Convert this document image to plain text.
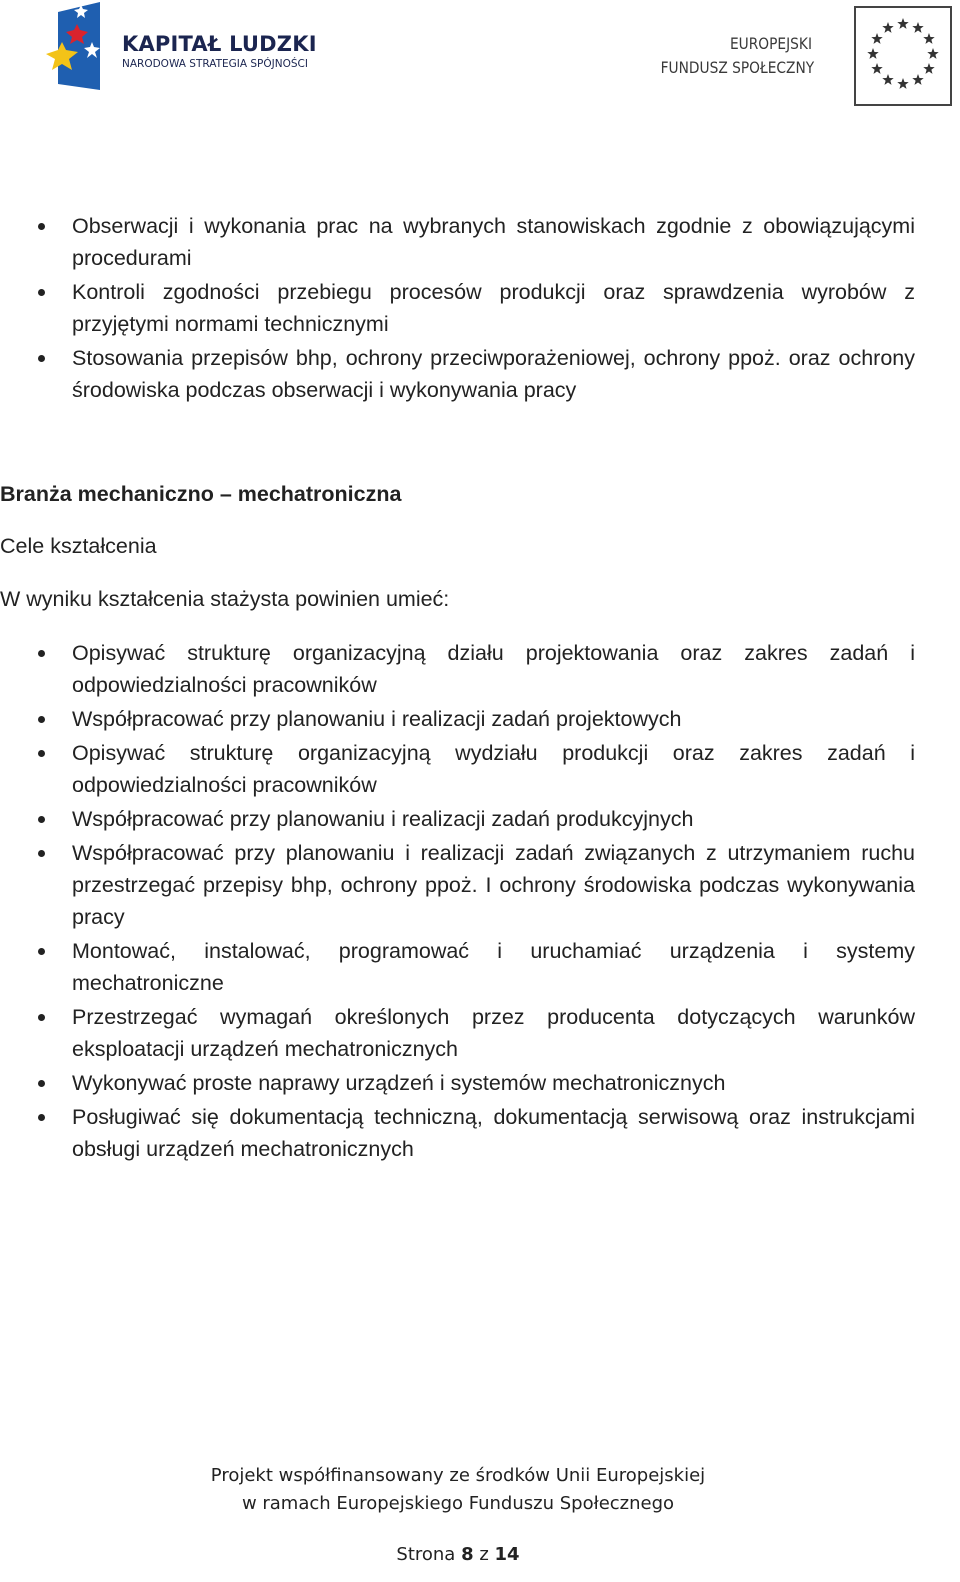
KAPITAŁ LUDZKI
NARODOWA STRATEGIA SPÓJNOŚCI
EUROPEJSKI
FUNDUSZ SPOŁECZNY
Obserwacji i wykonania prac na wybranych stanowiskach zgodnie z obowiązującymi procedurami
Kontroli zgodności przebiegu procesów produkcji oraz sprawdzenia wyrobów z przyjętymi normami technicznymi
Stosowania przepisów bhp, ochrony przeciwporażeniowej, ochrony ppoż. oraz ochrony środowiska podczas obserwacji i wykonywania pracy
Branża mechaniczno – mechatroniczna
Cele kształcenia
W wyniku kształcenia stażysta powinien umieć:
Opisywać strukturę organizacyjną działu projektowania oraz zakres zadań i odpowiedzialności pracowników
Współpracować przy planowaniu i realizacji zadań projektowych
Opisywać strukturę organizacyjną wydziału produkcji oraz zakres zadań i odpowiedzialności pracowników
Współpracować przy planowaniu i realizacji zadań produkcyjnych
Współpracować przy planowaniu i realizacji zadań związanych z utrzymaniem ruchu przestrzegać przepisy bhp, ochrony ppoż. I ochrony środowiska podczas wykonywania pracy
Montować, instalować, programować i uruchamiać urządzenia i systemy mechatroniczne
Przestrzegać wymagań określonych przez producenta dotyczących warunków eksploatacji urządzeń mechatronicznych
Wykonywać proste naprawy urządzeń i systemów mechatronicznych
Posługiwać się dokumentacją techniczną, dokumentacją serwisową oraz instrukcjami obsługi urządzeń mechatronicznych
Projekt współfinansowany ze środków Unii Europejskiej
w ramach Europejskiego Funduszu Społecznego
Strona 8 z 14
